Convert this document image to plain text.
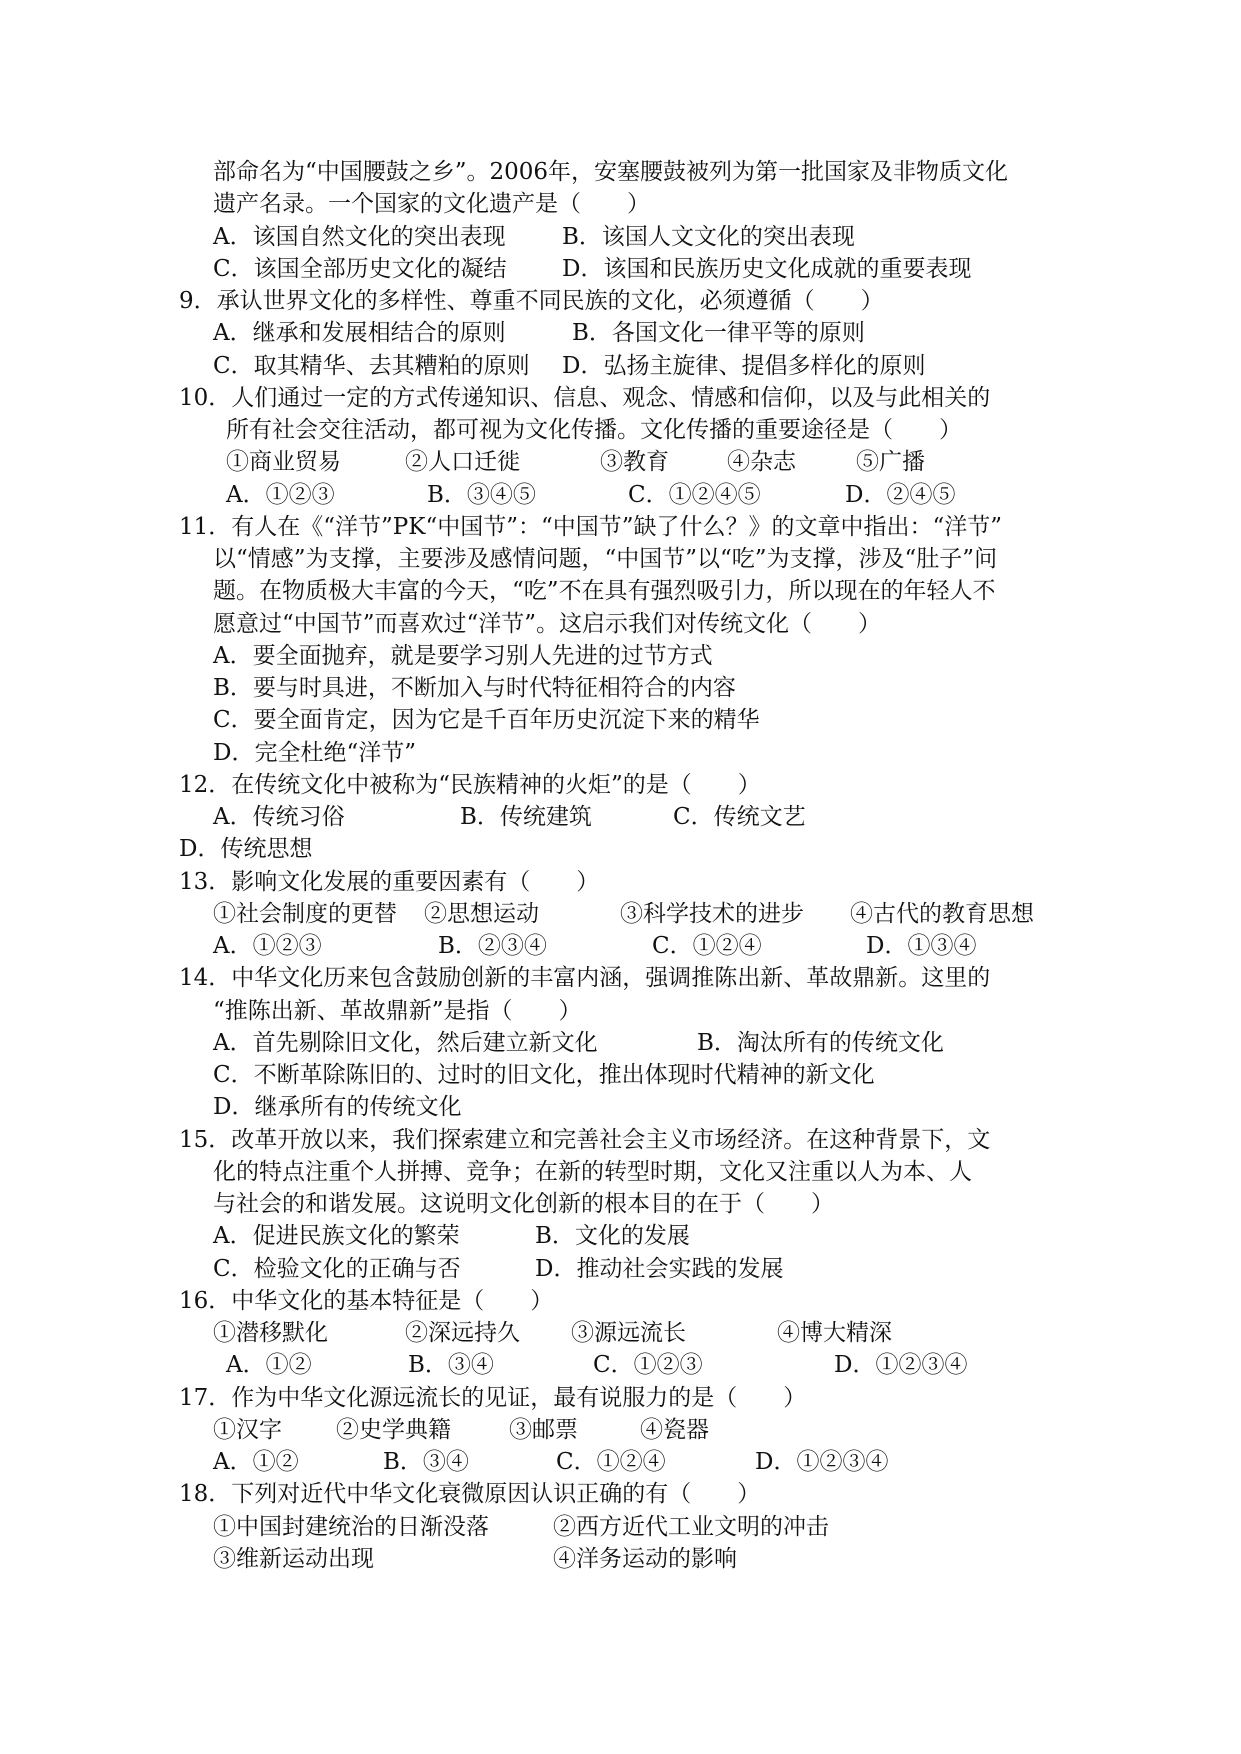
部命名为“中国腰鼓之乡”。2006年，安塞腰鼓被列为第一批国家及非物质文化
遗产名录。一个国家的文化遗产是（　　）
A．该国自然文化的突出表现 B．该国人文文化的突出表现
C．该国全部历史文化的凝结 D．该国和民族历史文化成就的重要表现
9．承认世界文化的多样性、尊重不同民族的文化，必须遵循（　　）
A．继承和发展相结合的原则	B．各国文化一律平等的原则
C．取其精华、去其糟粕的原则 D．弘扬主旋律、提倡多样化的原则
10．人们通过一定的方式传递知识、信息、观念、情感和信仰，以及与此相关的
所有社会交往活动，都可视为文化传播。文化传播的重要途径是（　　）
①商业贸易	②人口迁徙	③教育	④杂志	⑤广播
A．①②③	B．③④⑤	C．①②④⑤	D．②④⑤
11．有人在《“洋节”PK“中国节”：“中国节”缺了什么？》的文章中指出：“洋节”
以“情感”为支撑，主要涉及感情问题，“中国节”以“吃”为支撑，涉及“肚子”问
题。在物质极大丰富的今天，“吃”不在具有强烈吸引力，所以现在的年轻人不
愿意过“中国节”而喜欢过“洋节”。这启示我们对传统文化（　　）
A．要全面抛弃，就是要学习别人先进的过节方式
B．要与时具进，不断加入与时代特征相符合的内容
C．要全面肯定，因为它是千百年历史沉淀下来的精华
D．完全杜绝“洋节”
12．在传统文化中被称为“民族精神的火炬”的是（　　）
A．传统习俗	B．传统建筑	C．传统文艺
D．传统思想
13．影响文化发展的重要因素有（　　）
①社会制度的更替 ②思想运动	③科学技术的进步 ④古代的教育思想
A．①②③	B．②③④	C．①②④	D．①③④
14．中华文化历来包含鼓励创新的丰富内涵，强调推陈出新、革故鼎新。这里的
“推陈出新、革故鼎新”是指（　　）
A．首先剔除旧文化，然后建立新文化	B．淘汰所有的传统文化
C．不断革除陈旧的、过时的旧文化，推出体现时代精神的新文化
D．继承所有的传统文化
15．改革开放以来，我们探索建立和完善社会主义市场经济。在这种背景下，文
化的特点注重个人拼搏、竞争；在新的转型时期，文化又注重以人为本、人
与社会的和谐发展。这说明文化创新的根本目的在于（　　）
A．促进民族文化的繁荣	B．文化的发展
C．检验文化的正确与否	D．推动社会实践的发展
16．中华文化的基本特征是（　　）
①潜移默化	②深远持久 ③源远流长	④博大精深
A．①②	B．③④	C．①②③	D．①②③④
17．作为中华文化源远流长的见证，最有说服力的是（　　）
①汉字 ②史学典籍	③邮票	④瓷器
A．①②	B．③④	C．①②④	D．①②③④
18．下列对近代中华文化衰微原因认识正确的有（　　）
①中国封建统治的日渐没落	②西方近代工业文明的冲击
③维新运动出现	④洋务运动的影响
